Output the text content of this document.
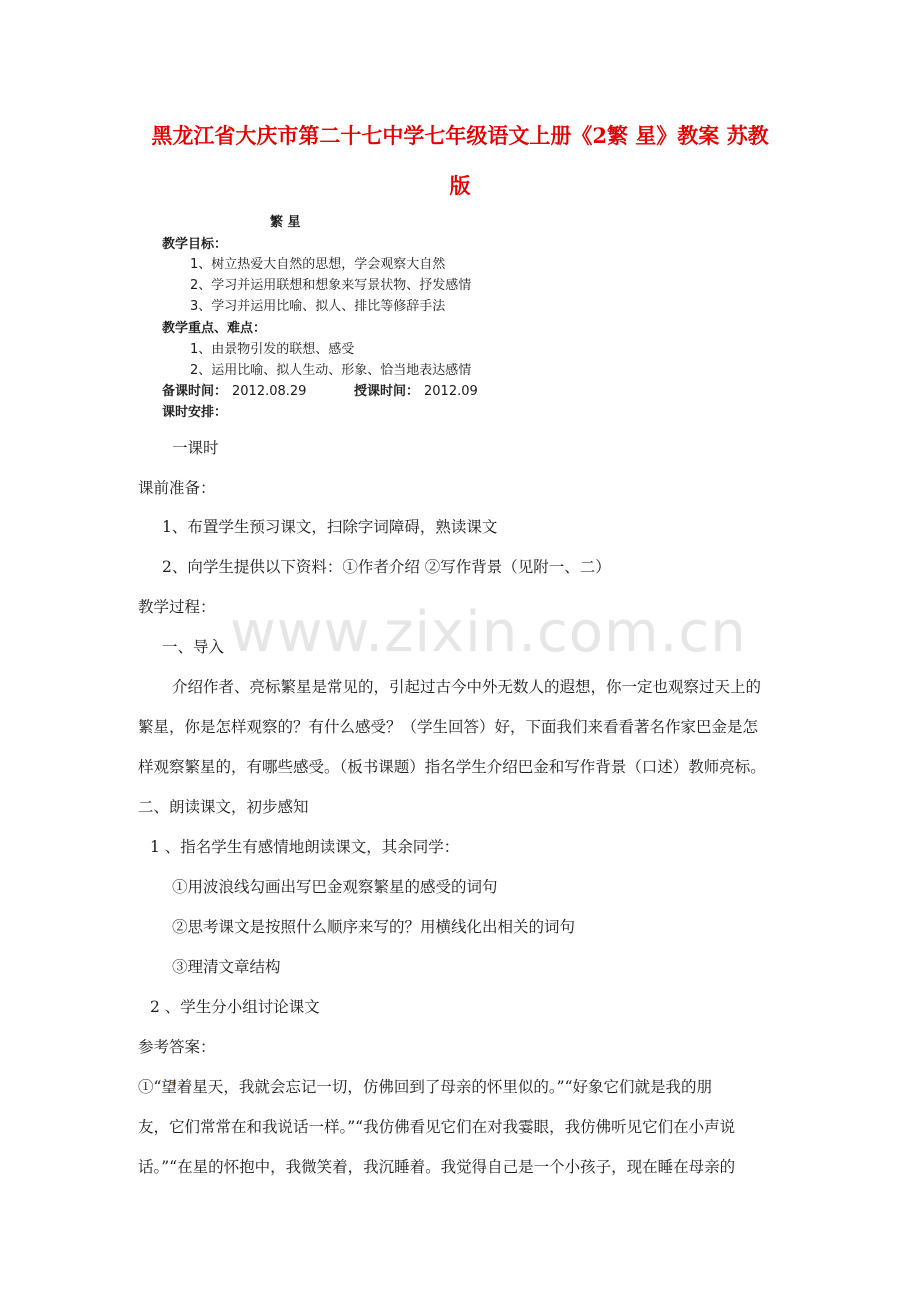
黑龙江省大庆市第二十七中学七年级语文上册《2繁 星》教案 苏教
版
www.zixin.com.cn
繁 星
教学目标：
1、树立热爱大自然的思想，学会观察大自然
2、学习并运用联想和想象来写景状物、抒发感情
3、学习并运用比喻、拟人、排比等修辞手法
教学重点、难点：
1、由景物引发的联想、感受
2、运用比喻、拟人生动、形象、恰当地表达感情
备课时间： 2012.08.29	授课时间： 2012.09
课时安排：
一课时
课前准备：
1、布置学生预习课文，扫除字词障碍，熟读课文
2、向学生提供以下资料：①作者介绍 ②写作背景（见附一、二）
教学过程：
一、导入
介绍作者、亮标繁星是常见的，引起过古今中外无数人的遐想，你一定也观察过天上的
繁星，你是怎样观察的？有什么感受？（学生回答）好，下面我们来看看著名作家巴金是怎
样观察繁星的，有哪些感受。（板书课题）指名学生介绍巴金和写作背景（口述）教师亮标。
二、朗读课文，初步感知
1 、指名学生有感情地朗读课文，其余同学：
①用波浪线勾画出写巴金观察繁星的感受的词句
②思考课文是按照什么顺序来写的？用横线化出相关的词句
③理清文章结构
2 、学生分小组讨论课文
参考答案：
①“望着星天，我就会忘记一切，仿佛回到了母亲的怀里似的。”“好象它们就是我的朋
友，它们常常在和我说话一样。”“我仿佛看见它们在对我霎眼，我仿佛听见它们在小声说
话。”“在星的怀抱中，我微笑着，我沉睡着。我觉得自己是一个小孩子，现在睡在母亲的
